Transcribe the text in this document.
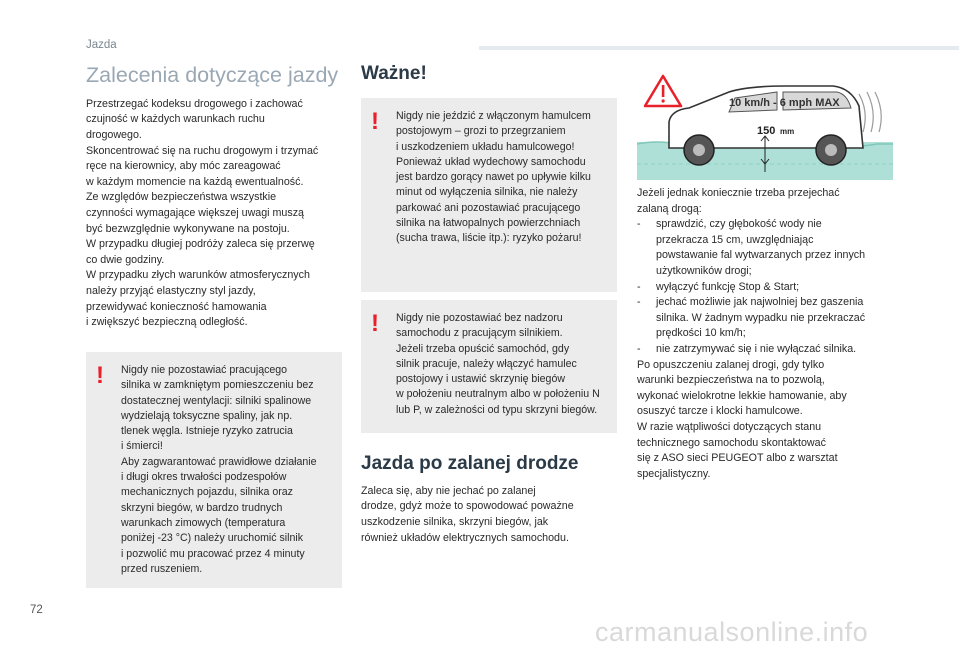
Jazda
Zalecenia dotyczące jazdy

Przestrzegać kodeksu drogowego i zachować
czujność w każdych warunkach ruchu
drogowego.
Skoncentrować się na ruchu drogowym i trzymać
ręce na kierownicy, aby móc zareagować
w każdym momencie na każdą ewentualność.
Ze względów bezpieczeństwa wszystkie
czynności wymagające większej uwagi muszą
być bezwzględnie wykonywane na postoju.
W przypadku długiej podróży zaleca się przerwę
co dwie godziny.
W przypadku złych warunków atmosferycznych
należy przyjąć elastyczny styl jazdy,
przewidywać konieczność hamowania
i zwiększyć bezpieczną odległość.

! Nigdy nie pozostawiać pracującego
silnika w zamkniętym pomieszczeniu bez
dostatecznej wentylacji: silniki spalinowe
wydzielają toksyczne spaliny, jak np.
tlenek węgla. Istnieje ryzyko zatrucia
i śmierci!
Aby zagwarantować prawidłowe działanie
i długi okres trwałości podzespołów
mechanicznych pojazdu, silnika oraz
skrzyni biegów, w bardzo trudnych
warunkach zimowych (temperatura
poniżej -23 °C) należy uruchomić silnik
i pozwolić mu pracować przez 4 minuty
przed ruszeniem.
Ważne!
! Nigdy nie jeździć z włączonym hamulcem
postojowym – grozi to przegrzaniem
i uszkodzeniem układu hamulcowego!
Ponieważ układ wydechowy samochodu
jest bardzo gorący nawet po upływie kilku
minut od wyłączenia silnika, nie należy
parkować ani pozostawiać pracującego
silnika na łatwopalnych powierzchniach
(sucha trawa, liście itp.): ryzyko pożaru!
! Nigdy nie pozostawiać bez nadzoru
samochodu z pracującym silnikiem.
Jeżeli trzeba opuścić samochód, gdy
silnik pracuje, należy włączyć hamulec
postojowy i ustawić skrzynię biegów
w położeniu neutralnym albo w położeniu N
lub P, w zależności od typu skrzyni biegów.
Jazda po zalanej drodze

Zaleca się, aby nie jechać po zalanej
drodze, gdyż może to spowodować poważne
uszkodzenie silnika, skrzyni biegów, jak
również układów elektrycznych samochodu.

10 km/h - 6 mph MAX
150 mm

Jeżeli jednak koniecznie trzeba przejechać
zalaną drogą:

- sprawdzić, czy głębokość wody nie
przekracza 15 cm, uwzględniając
powstawanie fal wytwarzanych przez innych
użytkowników drogi;
- wyłączyć funkcję Stop & Start;
- jechać możliwie jak najwolniej bez gaszenia
silnika. W żadnym wypadku nie przekraczać
prędkości 10 km/h;
- nie zatrzymywać się i nie wyłączać silnika.

Po opuszczeniu zalanej drogi, gdy tylko
warunki bezpieczeństwa na to pozwolą,
wykonać wielokrotne lekkie hamowanie, aby
osuszyć tarcze i klocki hamulcowe.
W razie wątpliwości dotyczących stanu
technicznego samochodu skontaktować
się z ASO sieci PEUGEOT albo z warsztat
specjalistyczny.

72
carmanualsonline.info
